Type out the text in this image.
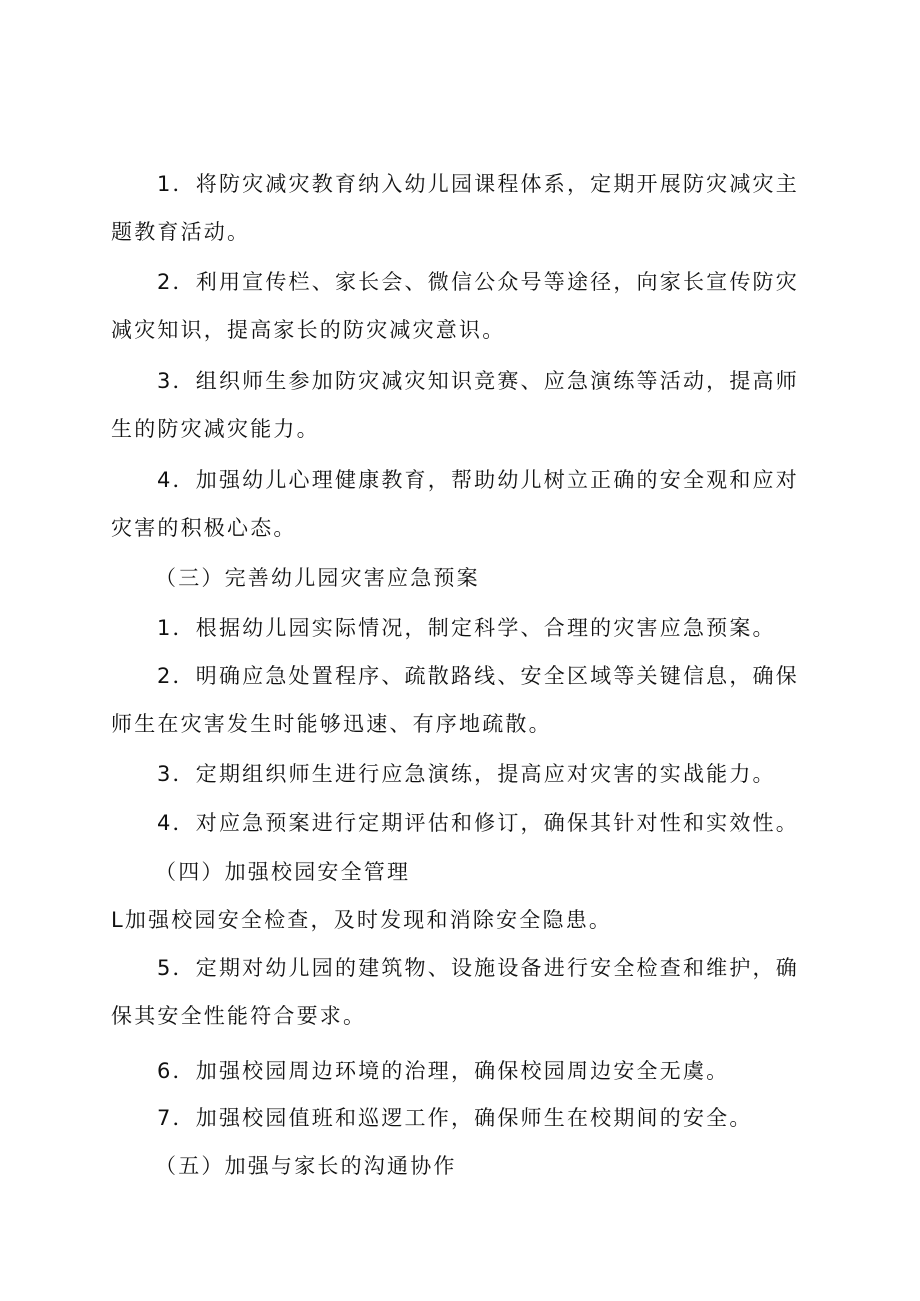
1．将防灾减灾教育纳入幼儿园课程体系，定期开展防灾减灾主题教育活动。

2．利用宣传栏、家长会、微信公众号等途径，向家长宣传防灾减灾知识，提高家长的防灾减灾意识。

3．组织师生参加防灾减灾知识竞赛、应急演练等活动，提高师生的防灾减灾能力。

4．加强幼儿心理健康教育，帮助幼儿树立正确的安全观和应对灾害的积极心态。

（三）完善幼儿园灾害应急预案

1．根据幼儿园实际情况，制定科学、合理的灾害应急预案。

2．明确应急处置程序、疏散路线、安全区域等关键信息，确保师生在灾害发生时能够迅速、有序地疏散。

3．定期组织师生进行应急演练，提高应对灾害的实战能力。

4．对应急预案进行定期评估和修订，确保其针对性和实效性。

（四）加强校园安全管理

L加强校园安全检查，及时发现和消除安全隐患。

5．定期对幼儿园的建筑物、设施设备进行安全检查和维护，确保其安全性能符合要求。

6．加强校园周边环境的治理，确保校园周边安全无虞。

7．加强校园值班和巡逻工作，确保师生在校期间的安全。

（五）加强与家长的沟通协作
